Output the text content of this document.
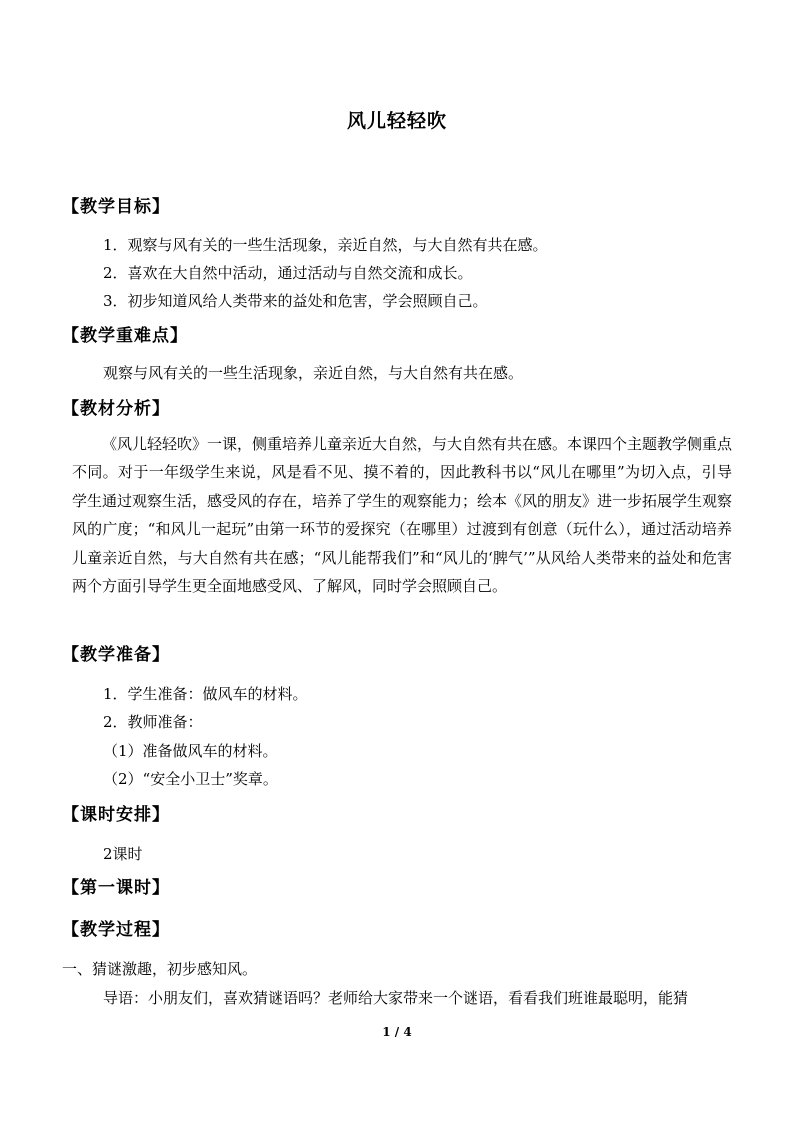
风儿轻轻吹
【教学目标】
1．观察与风有关的一些生活现象，亲近自然，与大自然有共在感。
2．喜欢在大自然中活动，通过活动与自然交流和成长。
3．初步知道风给人类带来的益处和危害，学会照顾自己。
【教学重难点】
观察与风有关的一些生活现象，亲近自然，与大自然有共在感。
【教材分析】
《风儿轻轻吹》一课，侧重培养儿童亲近大自然，与大自然有共在感。本课四个主题教学侧重点不同。对于一年级学生来说，风是看不见、摸不着的，因此教科书以“风儿在哪里”为切入点，引导学生通过观察生活，感受风的存在，培养了学生的观察能力；绘本《风的朋友》进一步拓展学生观察风的广度；“和风儿一起玩”由第一环节的爱探究（在哪里）过渡到有创意（玩什么），通过活动培养儿童亲近自然，与大自然有共在感；“风儿能帮我们”和“风儿的‘脾气’”从风给人类带来的益处和危害两个方面引导学生更全面地感受风、了解风，同时学会照顾自己。
【教学准备】
1．学生准备：做风车的材料。
2．教师准备：
（1）准备做风车的材料。
（2）“安全小卫士”奖章。
【课时安排】
2课时
【第一课时】
【教学过程】
一、猜谜激趣，初步感知风。
导语：小朋友们，喜欢猜谜语吗？老师给大家带来一个谜语，看看我们班谁最聪明，能猜
1 / 4
